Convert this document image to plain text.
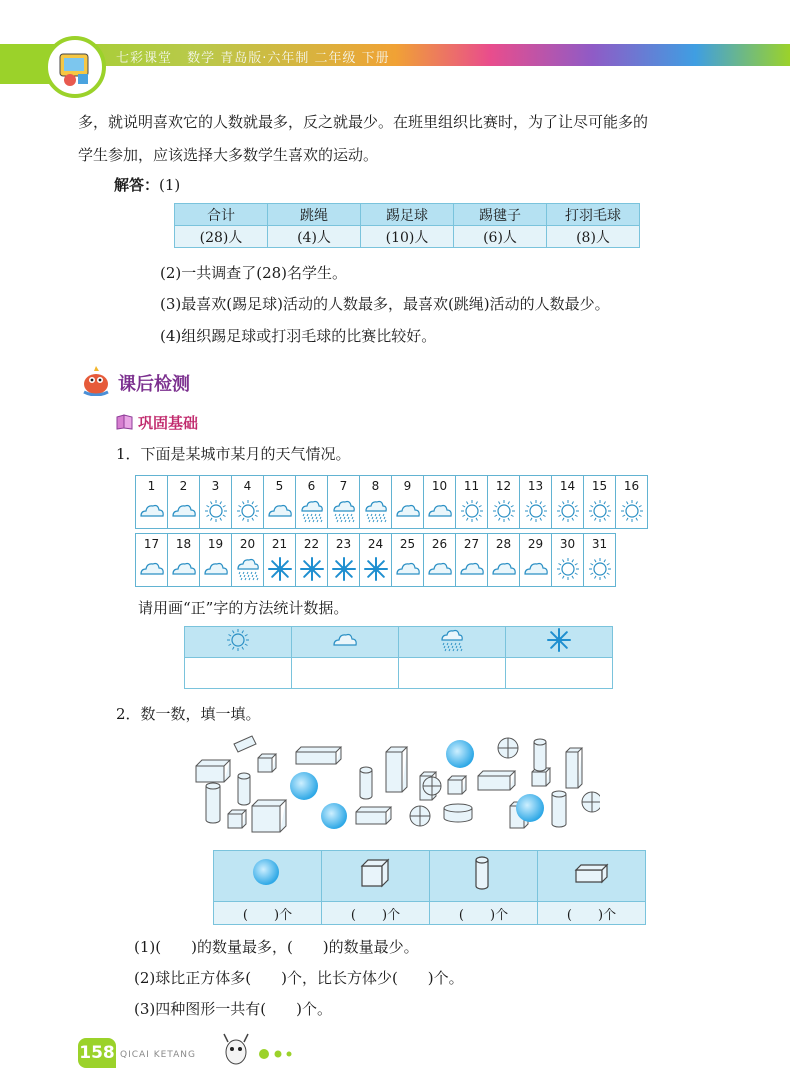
七彩课堂 数学 青岛版·六年制 二年级 下册
多，就说明喜欢它的人数就最多，反之就最少。在班里组织比赛时，为了让尽可能多的
学生参加，应该选择大多数学生喜欢的运动。
解答：(1)
合计	跳绳	踢足球	踢毽子	打羽毛球
(28)人	(4)人	(10)人	(6)人	(8)人
(2)一共调查了(28)名学生。
(3)最喜欢(踢足球)活动的人数最多，最喜欢(跳绳)活动的人数最少。
(4)组织踢足球或打羽毛球的比赛比较好。
课后检测
巩固基础
1．下面是某城市某月的天气情况。
1	2	3	4	5	6	7	8	9	10	11	12	13	14	15	16
17	18	19	20	21	22	23	24	25	26	27	28	29	30	31
请用画“正”字的方法统计数据。

2．数一数，填一填。

(　　)个	(　　)个	(　　)个	(　　)个
(1)(　　)的数量最多，(　　)的数量最少。
(2)球比正方体多(　　)个，比长方体少(　　)个。
(3)四种图形一共有(　　)个。
158 QICAI KETANG
